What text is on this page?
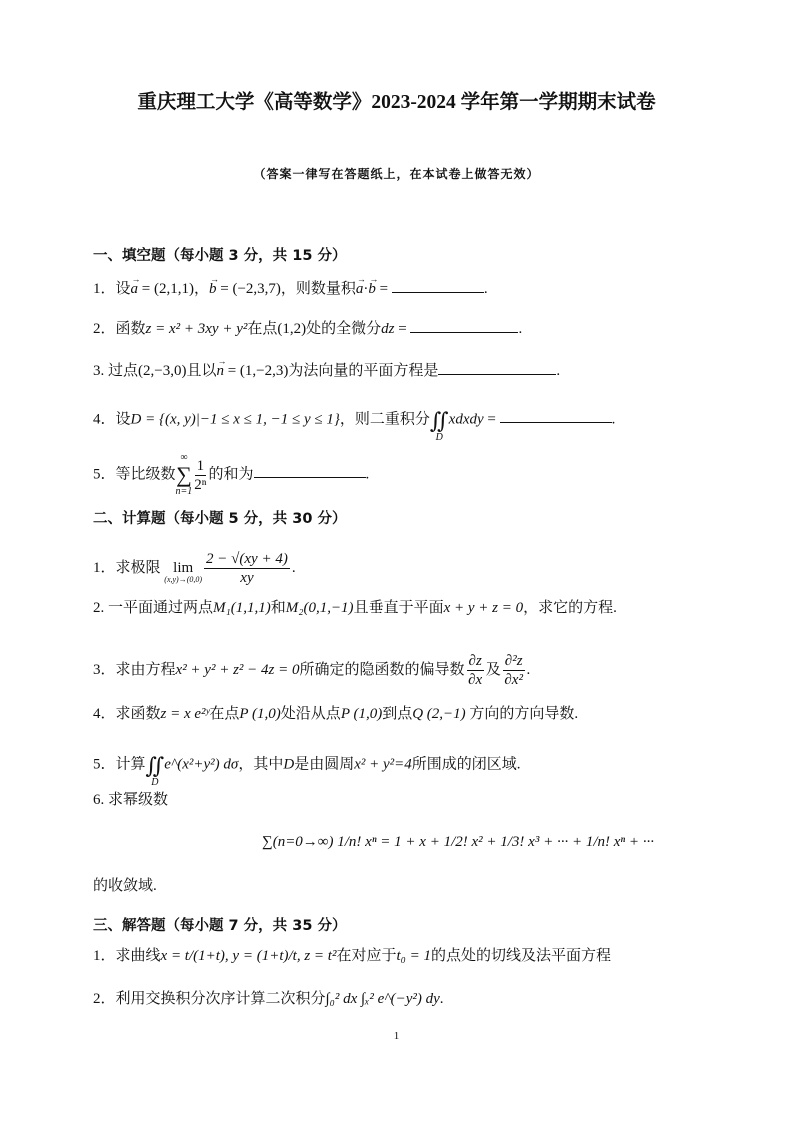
重庆理工大学《高等数学》2023-2024 学年第一学期期末试卷
（答案一律写在答题纸上，在本试卷上做答无效）
一、填空题（每小题 3 分，共 15 分）
1．设→ a = (2,1,1)，→ b = (−2,3,7)，则数量积→ a·→ b =	.
2．函数z = x² + 3xy + y²在点(1,2)处的全微分dz =	.
3. 过点(2,−3,0)且以→ n = (1,−2,3)为法向量的平面方程是	.
4．设D = {(x, y)|−1 ≤ x ≤ 1, −1 ≤ y ≤ 1}，则二重积分 ∬
D
xdxdy =	.
5．等比级数
∞
∑
$n=1 \frac{1}{\text{2ⁿ}}$ 的和为	.
二、计算题（每小题 5 分，共 30 分）
1．求极限 lim
$(x,y)\to(0,0) \frac{2 - √(xy + 4)}{xy}$ .
2. 一平面通过两点M₁(1,1,1)和M₂(0,1,−1)且垂直于平面x + y + z = 0，求它的方程.
3．求由方程x² + y² + z² − 4z = 0所确定的隐函数的偏导数 $\frac{\partial z}{\partial x}$ 及 $\frac{\text{∂²z}}{\text{∂x²}}$ .
4．求函数z = x e²ʸ在点P (1,0)处沿从点P (1,0)到点Q (2,−1) 方向的方向导数.
5．计算 ∬
D
e^(x²+y²) dσ，其中D是由圆周x² + y²=4所围成的闭区域.
6. 求幂级数
∑(n=0→∞) 1/n! xⁿ = 1 + x + 1/2! x² + 1/3! x³ + ··· + 1/n! xⁿ + ···
的收敛域.
三、解答题（每小题 7 分，共 35 分）
1．求曲线x = t/(1+t), y = (1+t)/t, z = t²在对应于t₀ = 1的点处的切线及法平面方程
2．利用交换积分次序计算二次积分∫₀² dx ∫ₓ² e^(−y²) dy.
1
